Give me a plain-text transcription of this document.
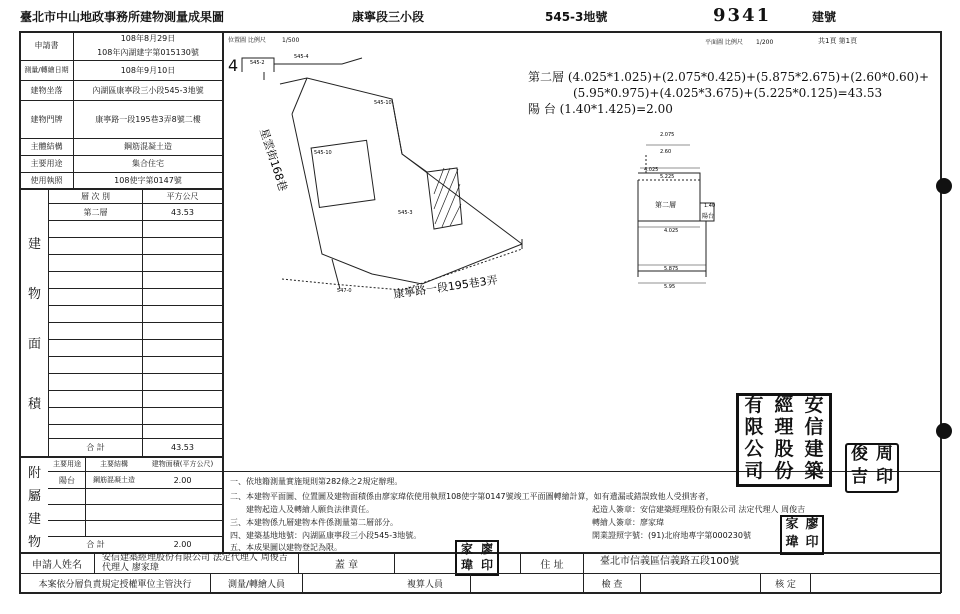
臺北市中山地政事務所建物測量成果圖	康寧段三小段	545-3地號	9341	建號
申請書
108年8月29日
108年內湖建字第015130號
測量/轉繪日期	108年9月10日
建物坐落	內湖區康寧段三小段545-3地號
建物門牌	康寧路一段195巷3弄8號二樓
主體結構	鋼筋混凝土造
主要用途	集合住宅
使用執照	108使字第0147號
層 次 別	平方公尺
第二層	43.53
建
物
面
積
合 計	43.53
主要用途	主要結構	建物面積(平方公尺)
陽台	鋼筋混凝土造	2.00
附
屬
建
物	合 計	2.00
位置圖 比例尺	1/500
4 545-2
545-4
545-10
545-10
545-3
547-0
星雲街168巷
康寧路一段195巷3弄
平面圖 比例尺 1/200	共1頁 第1頁
第二層 (4.025*1.025)+(2.075*0.425)+(5.875*2.675)+(2.60*0.60)+
(5.95*0.975)+(4.025*3.675)+(5.225*0.125)=43.53
陽 台 (1.40*1.425)=2.00
2.075
2.60
4.025
5.225
第二層
陽台
1.40
4.025
5.875
5.95
一、依地籍測量實施規則第282條之2規定辦理。
二、本建物平面圖、位置圖及建物面積係由廖家瑋依使用執照108使字第0147號竣工平面圖轉繪計算，如有遺漏或錯誤致他人受損害者，
建物起造人及轉繪人願負法律責任。
三、本建物係九層建物本件係測量第二層部分。
四、建築基地地號：內湖區康寧段三小段545-3地號。
五、本成果圖以建物登記為限。
起造人簽章：安信建築經理股份有限公司 法定代理人 周俊吉
轉繪人簽章：廖家瑋
開業證照字號：(91)北府地專字第000230號
有 經 安
限 理 信
公 股 建
司 份 築
俊 周
吉 印
家 廖
瑋 印
家 廖
瑋 印
申請人姓名
安信建築經理股份有限公司 法定代理人 周俊吉
代理人 廖家瑋	蓋 章	住 址	臺北市信義區信義路五段100號
本案依分層負責規定授權單位主管決行	測量/轉繪人員	複算人員	檢 查	核 定
